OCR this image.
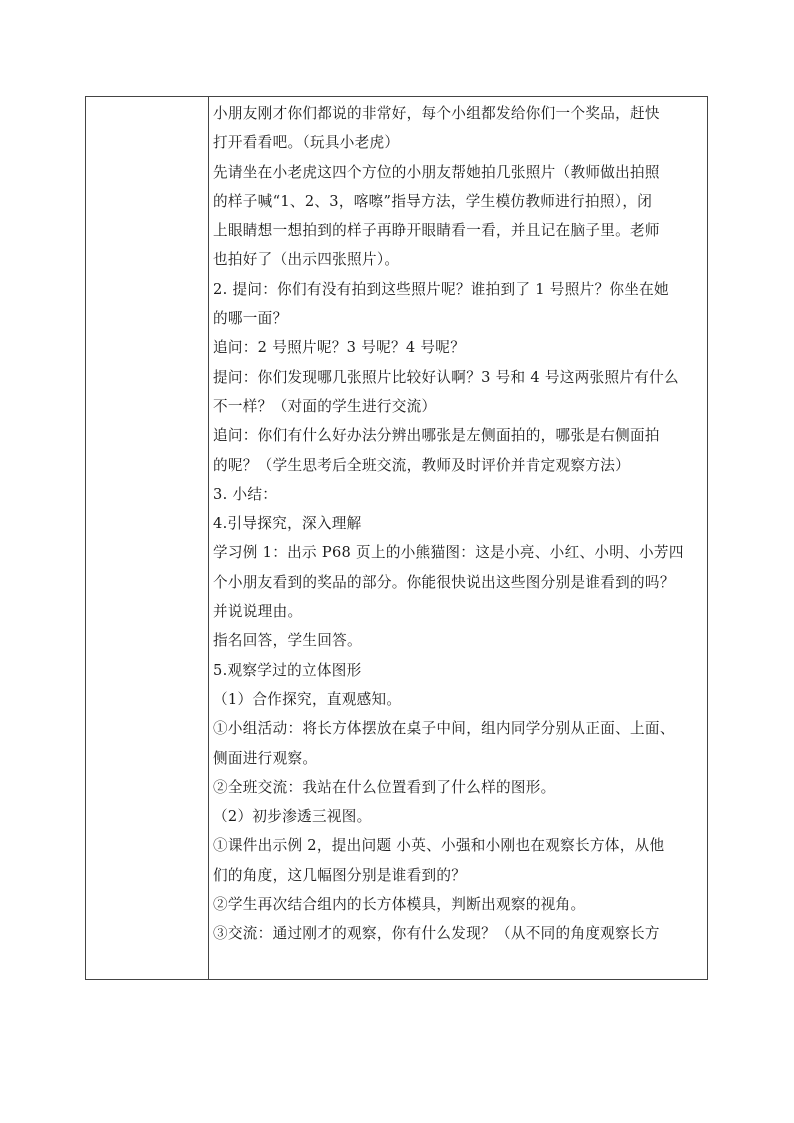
小朋友刚才你们都说的非常好，每个小组都发给你们一个奖品，赶快

打开看看吧。（玩具小老虎）

先请坐在小老虎这四个方位的小朋友帮她拍几张照片（教师做出拍照

的样子喊“1、2、3，喀嚓”指导方法，学生模仿教师进行拍照），闭

上眼睛想一想拍到的样子再睁开眼睛看一看，并且记在脑子里。老师

也拍好了（出示四张照片）。

2. 提问：你们有没有拍到这些照片呢？谁拍到了 1 号照片？你坐在她

的哪一面？

追问：2 号照片呢？3 号呢？4 号呢？

提问：你们发现哪几张照片比较好认啊？3 号和 4 号这两张照片有什么

不一样？（对面的学生进行交流）

追问：你们有什么好办法分辨出哪张是左侧面拍的，哪张是右侧面拍

的呢？（学生思考后全班交流，教师及时评价并肯定观察方法）

3. 小结：

4.引导探究，深入理解

学习例 1：出示 P68 页上的小熊猫图：这是小亮、小红、小明、小芳四

个小朋友看到的奖品的部分。你能很快说出这些图分别是谁看到的吗？

并说说理由。

指名回答，学生回答。

5.观察学过的立体图形

（1）合作探究，直观感知。

①小组活动：将长方体摆放在桌子中间，组内同学分别从正面、上面、

侧面进行观察。

②全班交流：我站在什么位置看到了什么样的图形。

（2）初步渗透三视图。

①课件出示例 2，提出问题 小英、小强和小刚也在观察长方体，从他

们的角度，这几幅图分别是谁看到的？

②学生再次结合组内的长方体模具，判断出观察的视角。

③交流：通过刚才的观察，你有什么发现？（从不同的角度观察长方
